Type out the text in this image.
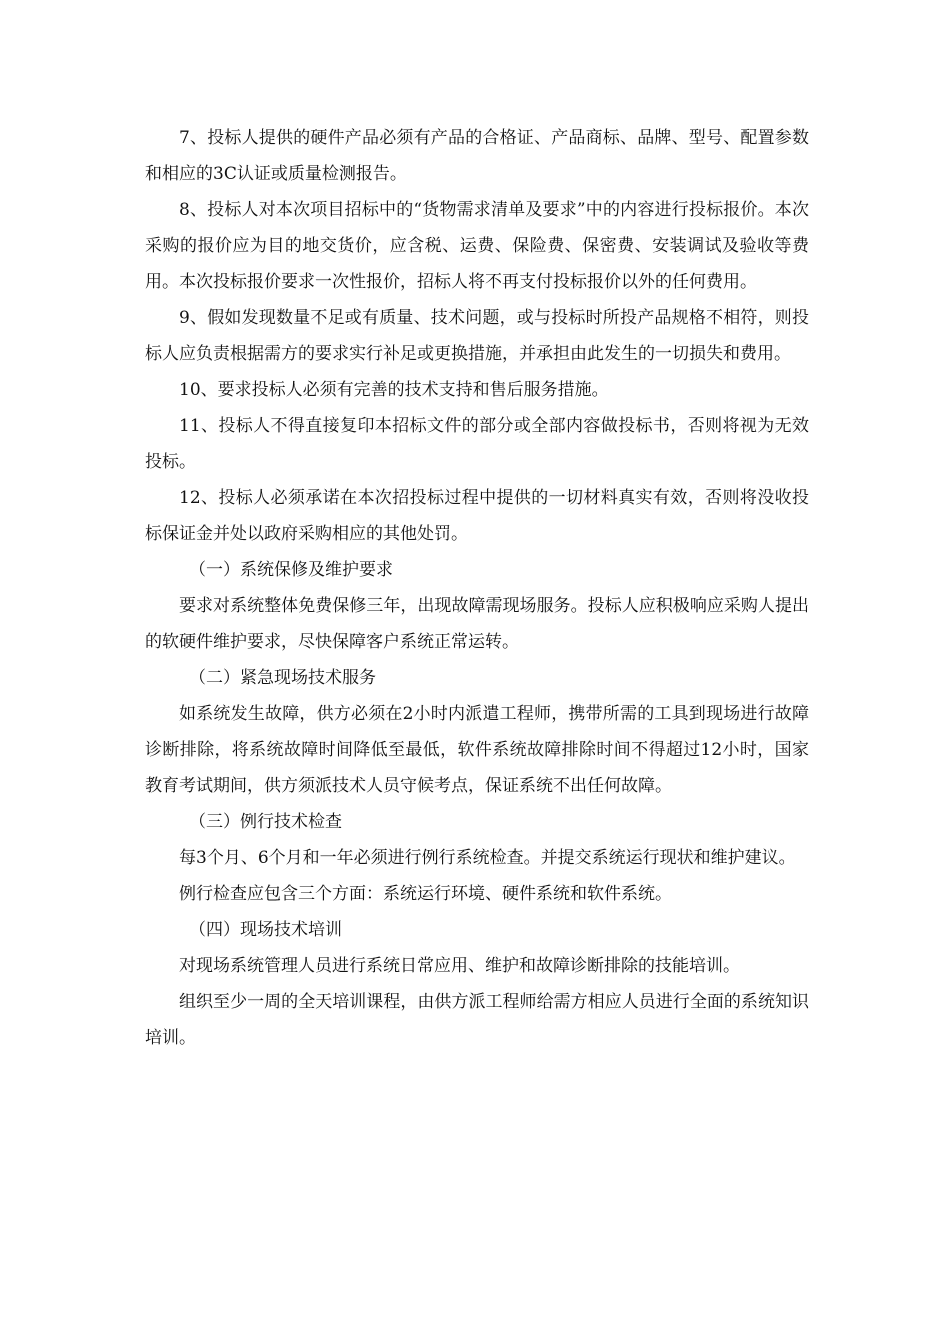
7、投标人提供的硬件产品必须有产品的合格证、产品商标、品牌、型号、配置参数和相应的3C认证或质量检测报告。

8、投标人对本次项目招标中的“货物需求清单及要求”中的内容进行投标报价。本次采购的报价应为目的地交货价，应含税、运费、保险费、保密费、安装调试及验收等费用。本次投标报价要求一次性报价，招标人将不再支付投标报价以外的任何费用。

9、假如发现数量不足或有质量、技术问题，或与投标时所投产品规格不相符，则投标人应负责根据需方的要求实行补足或更换措施，并承担由此发生的一切损失和费用。

10、要求投标人必须有完善的技术支持和售后服务措施。

11、投标人不得直接复印本招标文件的部分或全部内容做投标书，否则将视为无效投标。

12、投标人必须承诺在本次招投标过程中提供的一切材料真实有效，否则将没收投标保证金并处以政府采购相应的其他处罚。

（一）系统保修及维护要求

要求对系统整体免费保修三年，出现故障需现场服务。投标人应积极响应采购人提出的软硬件维护要求，尽快保障客户系统正常运转。

（二）紧急现场技术服务

如系统发生故障，供方必须在2小时内派遣工程师，携带所需的工具到现场进行故障诊断排除，将系统故障时间降低至最低，软件系统故障排除时间不得超过12小时，国家教育考试期间，供方须派技术人员守候考点，保证系统不出任何故障。

（三）例行技术检查

每3个月、6个月和一年必须进行例行系统检查。并提交系统运行现状和维护建议。

例行检查应包含三个方面：系统运行环境、硬件系统和软件系统。

（四）现场技术培训

对现场系统管理人员进行系统日常应用、维护和故障诊断排除的技能培训。

组织至少一周的全天培训课程，由供方派工程师给需方相应人员进行全面的系统知识培训。
